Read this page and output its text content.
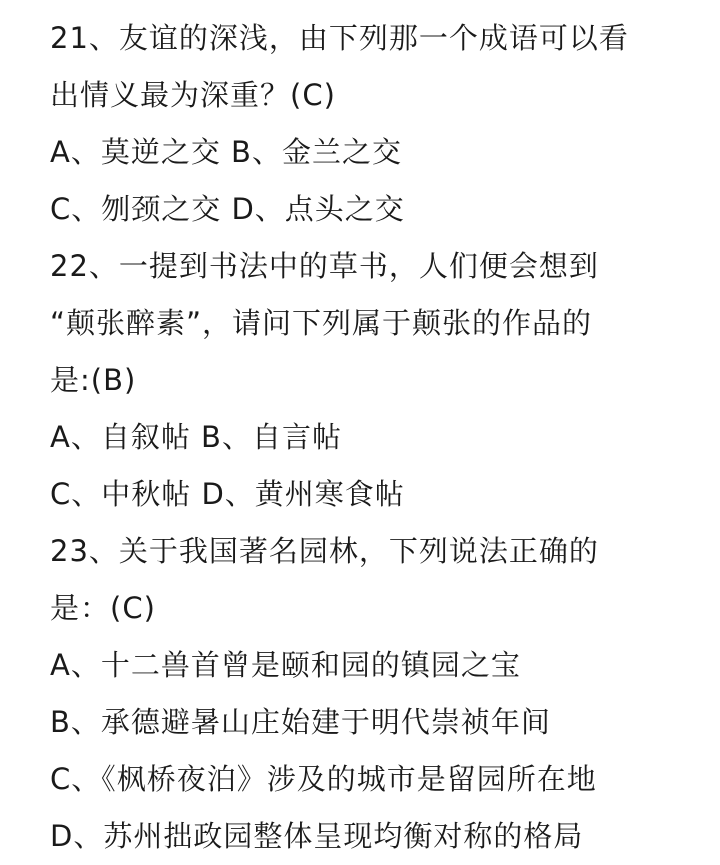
21、友谊的深浅，由下列那一个成语可以看
出情义最为深重？(C)
A、莫逆之交 B、金兰之交
C、刎颈之交 D、点头之交
22、一提到书法中的草书，人们便会想到
“颠张醉素”，请问下列属于颠张的作品的
是:(B)
A、自叙帖 B、自言帖
C、中秋帖 D、黄州寒食帖
23、关于我国著名园林，下列说法正确的
是：(C)
A、十二兽首曾是颐和园的镇园之宝
B、承德避暑山庄始建于明代崇祯年间
C、《枫桥夜泊》涉及的城市是留园所在地
D、苏州拙政园整体呈现均衡对称的格局
